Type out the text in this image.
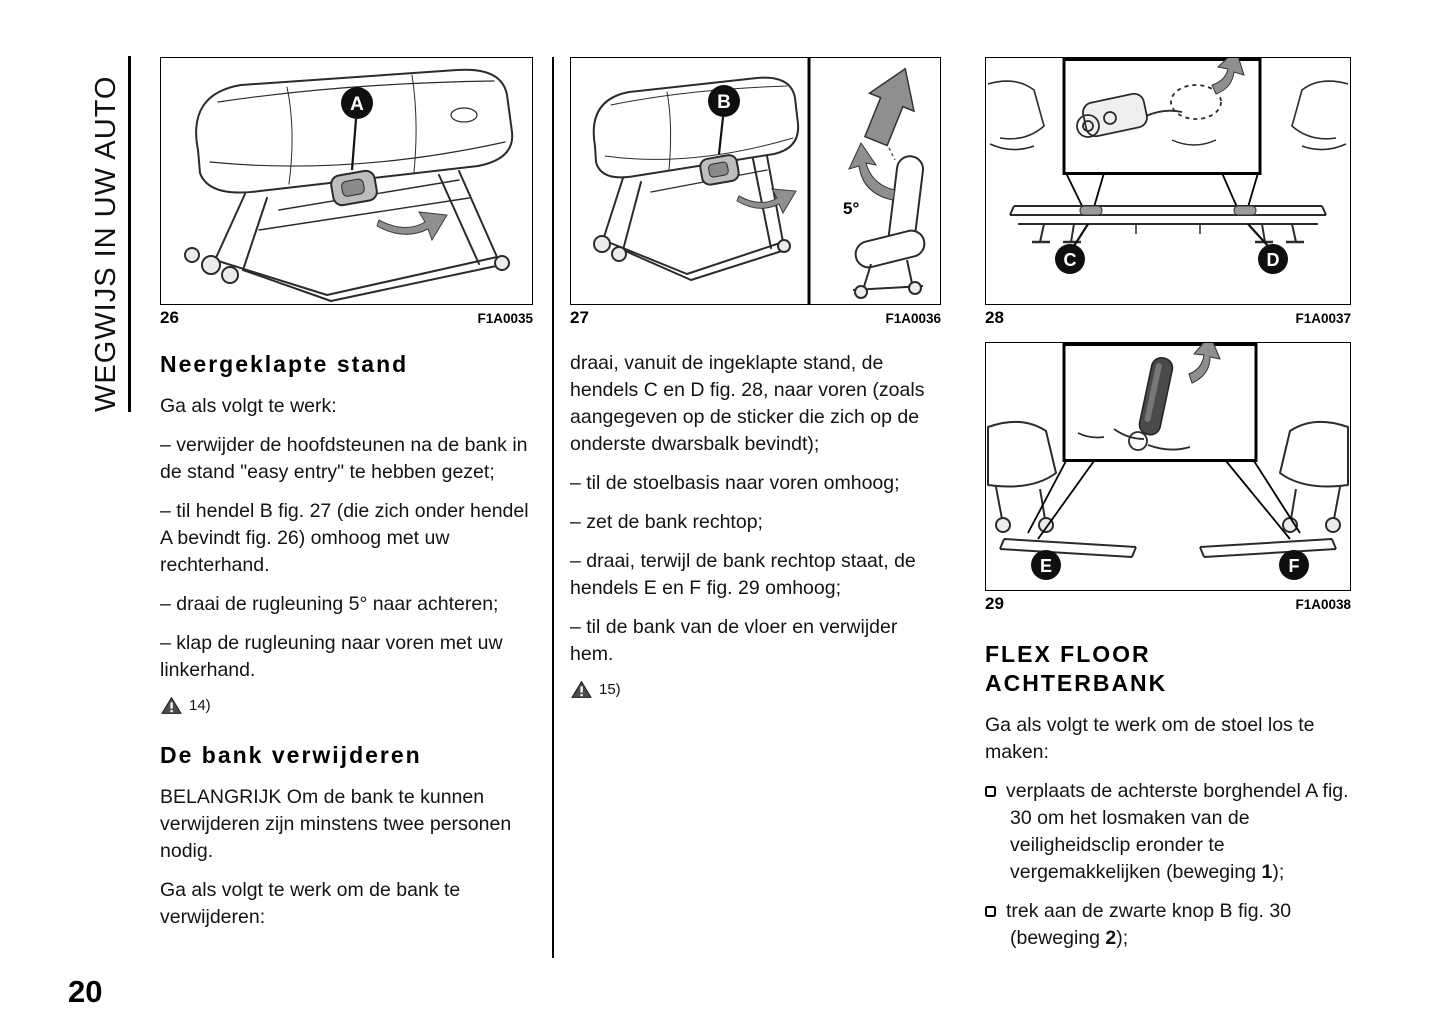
WEGWIJS IN UW AUTO
20
A
26	F1A0035
B
5°
27	F1A0036
C	D
28	F1A0037
E	F
29	F1A0038
Neergeklapte stand

Ga als volgt te werk:

– verwijder de hoofdsteunen na de bank in de stand "easy entry" te hebben gezet;

– til hendel B fig. 27 (die zich onder hendel A bevindt fig. 26) omhoog met uw rechterhand.

– draai de rugleuning 5° naar achteren;

– klap de rugleuning naar voren met uw linkerhand.

14)
De bank verwijderen

BELANGRIJK Om de bank te kunnen verwijderen zijn minstens twee personen nodig.

Ga als volgt te werk om de bank te verwijderen:

draai, vanuit de ingeklapte stand, de hendels C en D fig. 28, naar voren (zoals aangegeven op de sticker die zich op de onderste dwarsbalk bevindt);

– til de stoelbasis naar voren omhoog;

– zet de bank rechtop;

– draai, terwijl de bank rechtop staat, de hendels E en F fig. 29 omhoog;

– til de bank van de vloer en verwijder hem.

15)
FLEX FLOOR ACHTERBANK

Ga als volgt te werk om de stoel los te maken:

verplaats de achterste borghendel A fig. 30 om het losmaken van de veiligheidsclip eronder te vergemakkelijken (beweging 1);

trek aan de zwarte knop B fig. 30 (beweging 2);
